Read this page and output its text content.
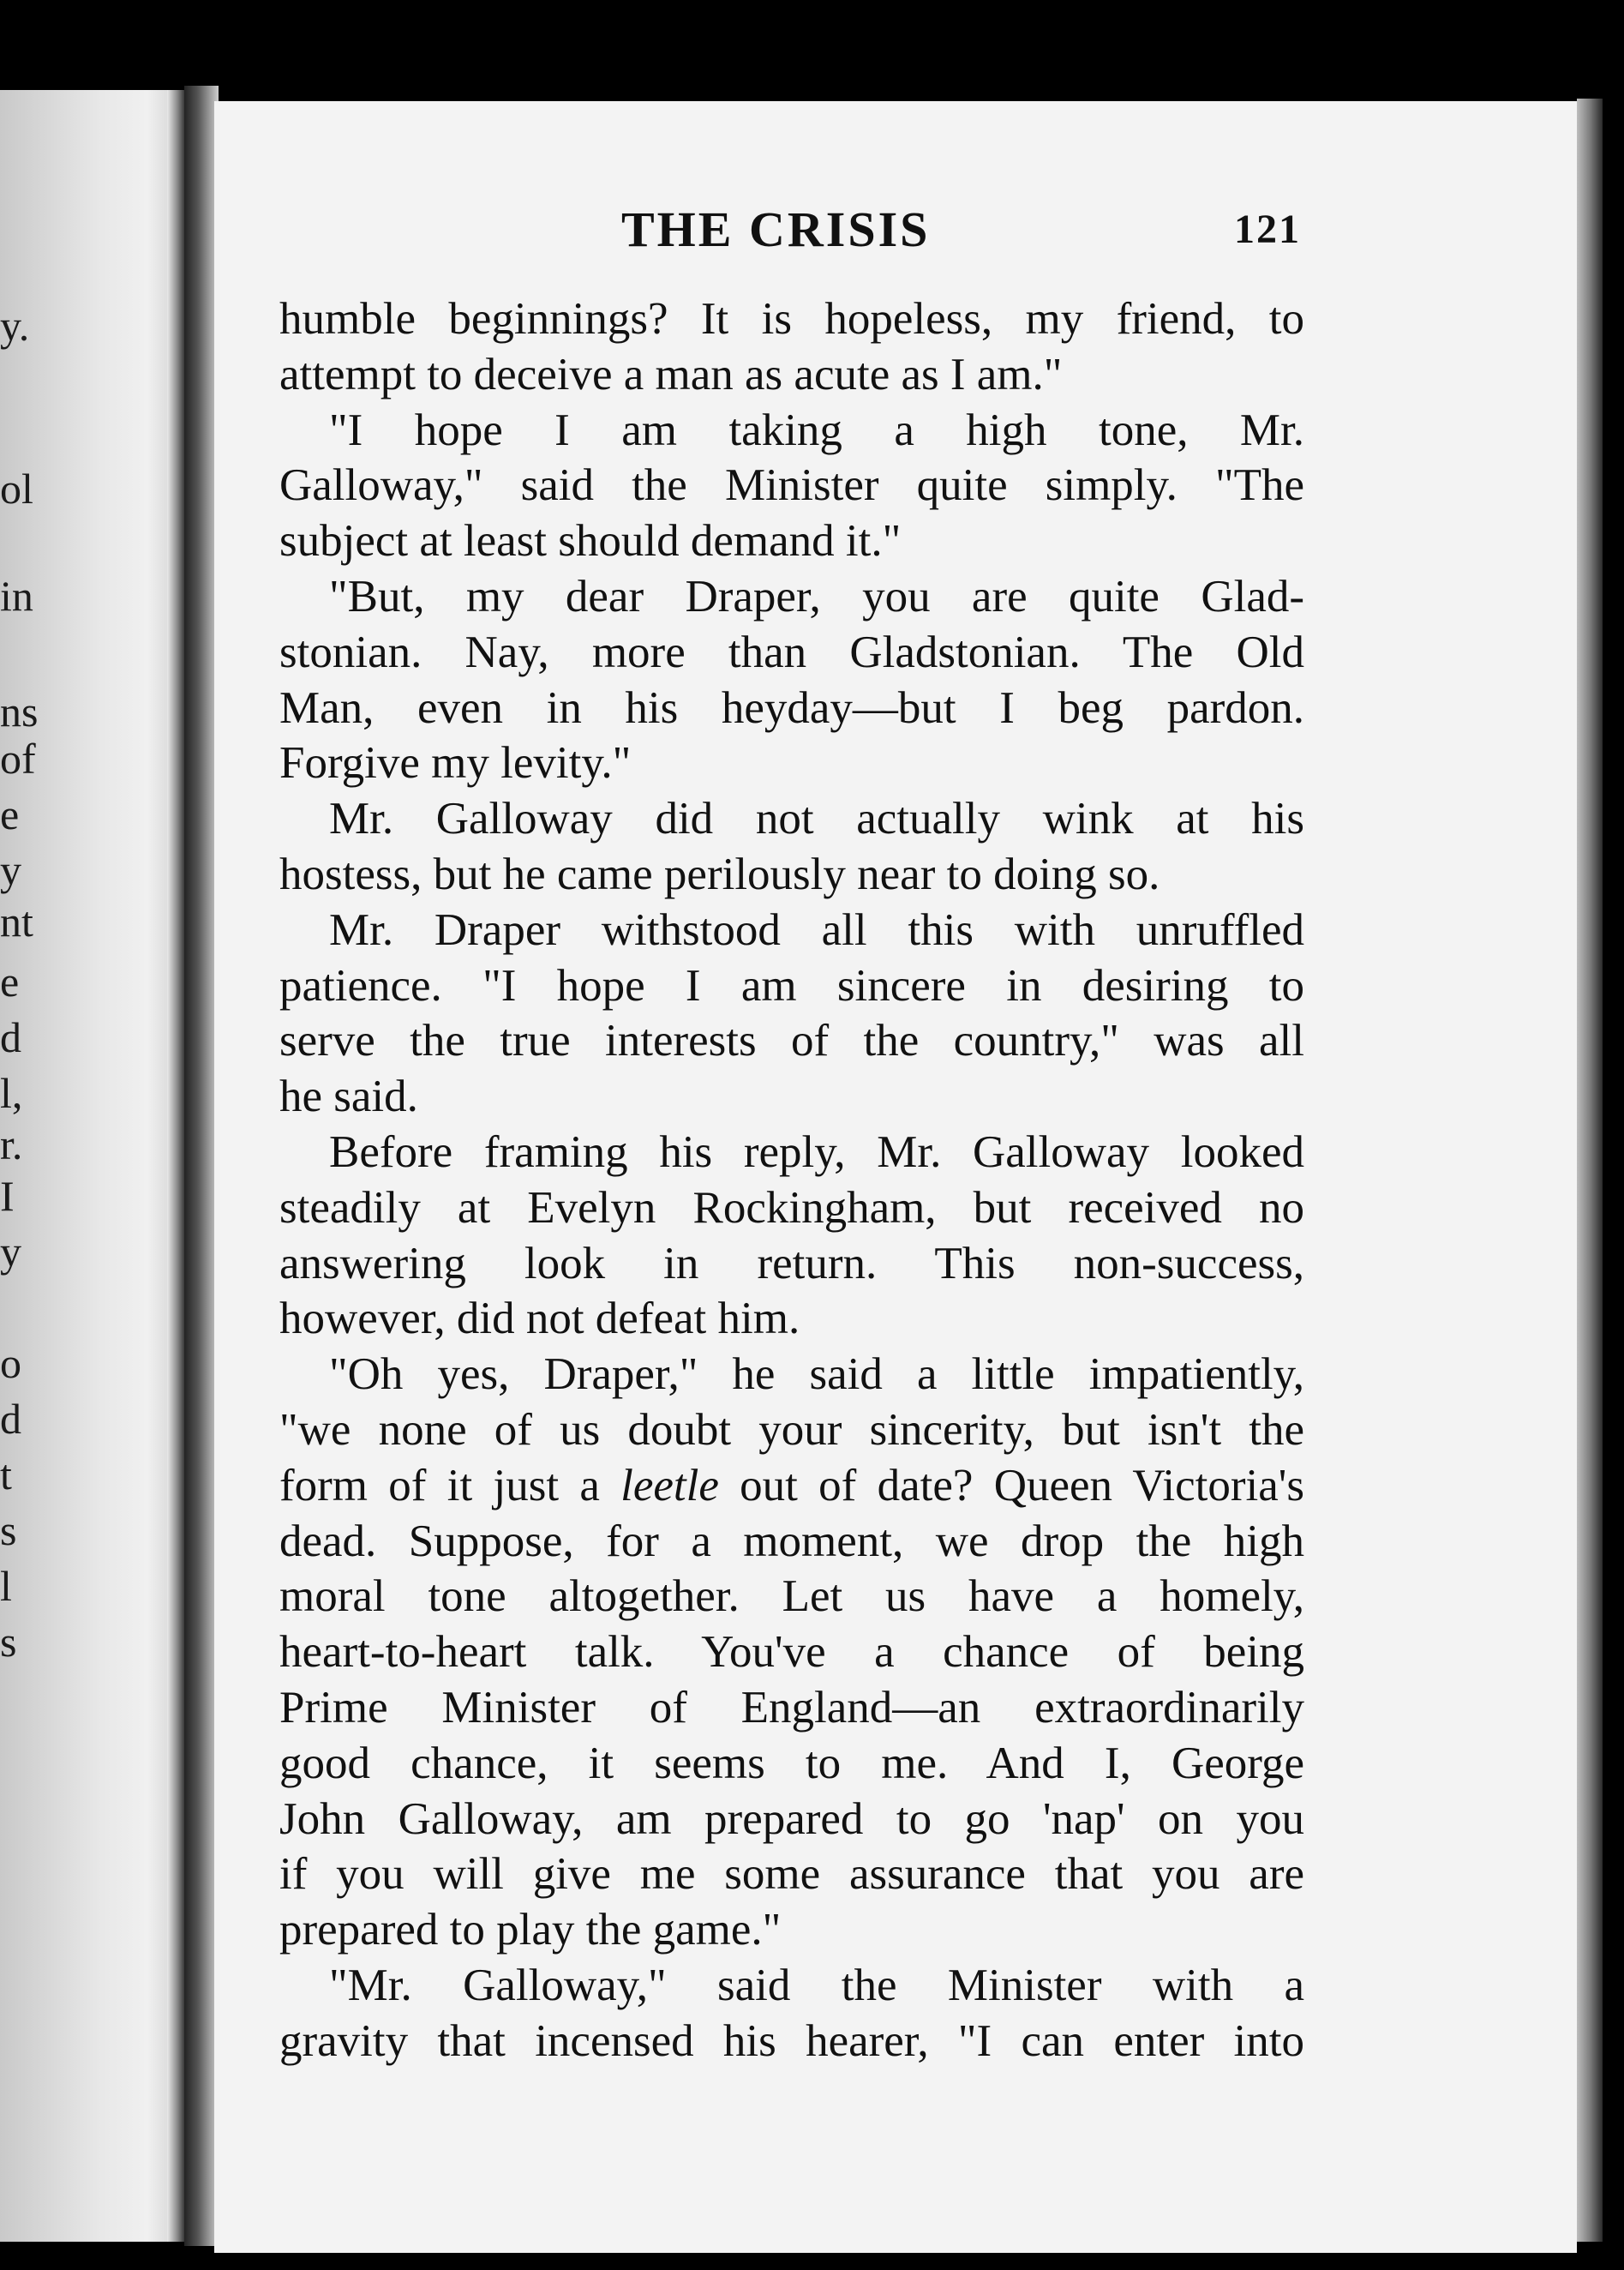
y.
ol
in
ns
of
e
y
nt
e
d
l,
r.
I
y
o
d
t
s
l
s
THE CRISIS	121
humble beginnings? It is hopeless, my friend, to
attempt to deceive a man as acute as I am."
"I hope I am taking a high tone, Mr.
Galloway," said the Minister quite simply. "The
subject at least should demand it."
"But, my dear Draper, you are quite Glad-
stonian. Nay, more than Gladstonian. The Old
Man, even in his heyday—but I beg pardon.
Forgive my levity."
Mr. Galloway did not actually wink at his
hostess, but he came perilously near to doing so.
Mr. Draper withstood all this with unruffled
patience. "I hope I am sincere in desiring to
serve the true interests of the country," was all
he said.
Before framing his reply, Mr. Galloway looked
steadily at Evelyn Rockingham, but received no
answering look in return. This non-success,
however, did not defeat him.
"Oh yes, Draper," he said a little impatiently,
"we none of us doubt your sincerity, but isn't the
form of it just a leetle out of date? Queen Victoria's
dead. Suppose, for a moment, we drop the high
moral tone altogether. Let us have a homely,
heart-to-heart talk. You've a chance of being
Prime Minister of England—an extraordinarily
good chance, it seems to me. And I, George
John Galloway, am prepared to go 'nap' on you
if you will give me some assurance that you are
prepared to play the game."
"Mr. Galloway," said the Minister with a
gravity that incensed his hearer, "I can enter into
